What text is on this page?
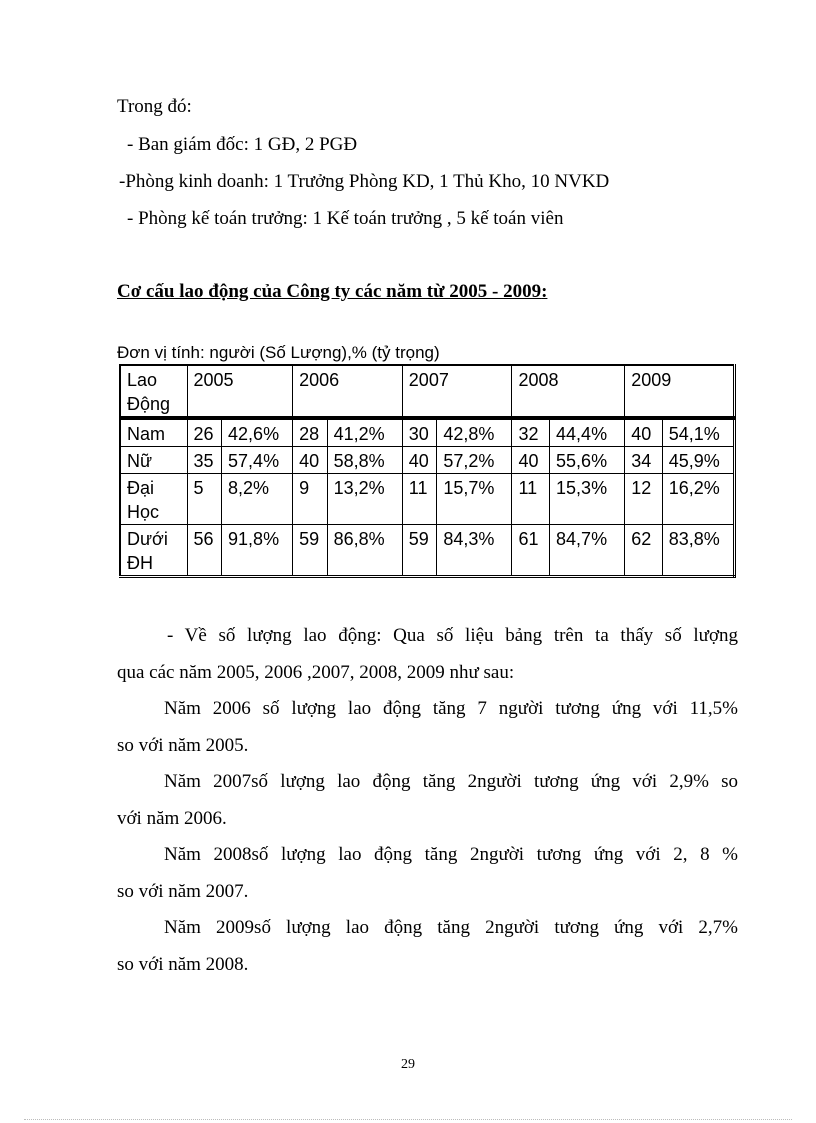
Trong đó:
- Ban giám đốc: 1 GĐ, 2 PGĐ
-Phòng kinh doanh: 1 Trưởng Phòng KD, 1 Thủ Kho, 10 NVKD
- Phòng kế toán trưởng: 1 Kế toán trưởng , 5 kế toán viên
Cơ cấu lao động của Công ty các năm từ 2005 - 2009:
Đơn vị tính: người (Số Lượng),% (tỷ trọng)
Lao
Động	2005		2006		2007		2008		2009	

Nam	26	42,6%	28	41,2%	30	42,8%	32	44,4%	40	54,1%

Nữ	35	57,4%	40	58,8%	40	57,2%	40	55,6%	34	45,9%

Đại
Học	5	8,2%	9	13,2%	11	15,7%	11	15,3%	12	16,2%

Dưới
ĐH	56	91,8%	59	86,8%	59	84,3%	61	84,7%	62	83,8%
- Về số lượng lao động: Qua số liệu bảng trên ta thấy số lượng
qua các năm 2005, 2006 ,2007, 2008, 2009 như sau:
Năm 2006 số lượng lao động tăng 7 người tương ứng với 11,5%
so với năm 2005.
Năm 2007số lượng lao động tăng 2người tương ứng với 2,9% so
với năm 2006.
Năm 2008số lượng lao động tăng 2người tương ứng với 2, 8 %
so với năm 2007.
Năm 2009số lượng lao động tăng 2người tương ứng với 2,7%
so với năm 2008.
29
